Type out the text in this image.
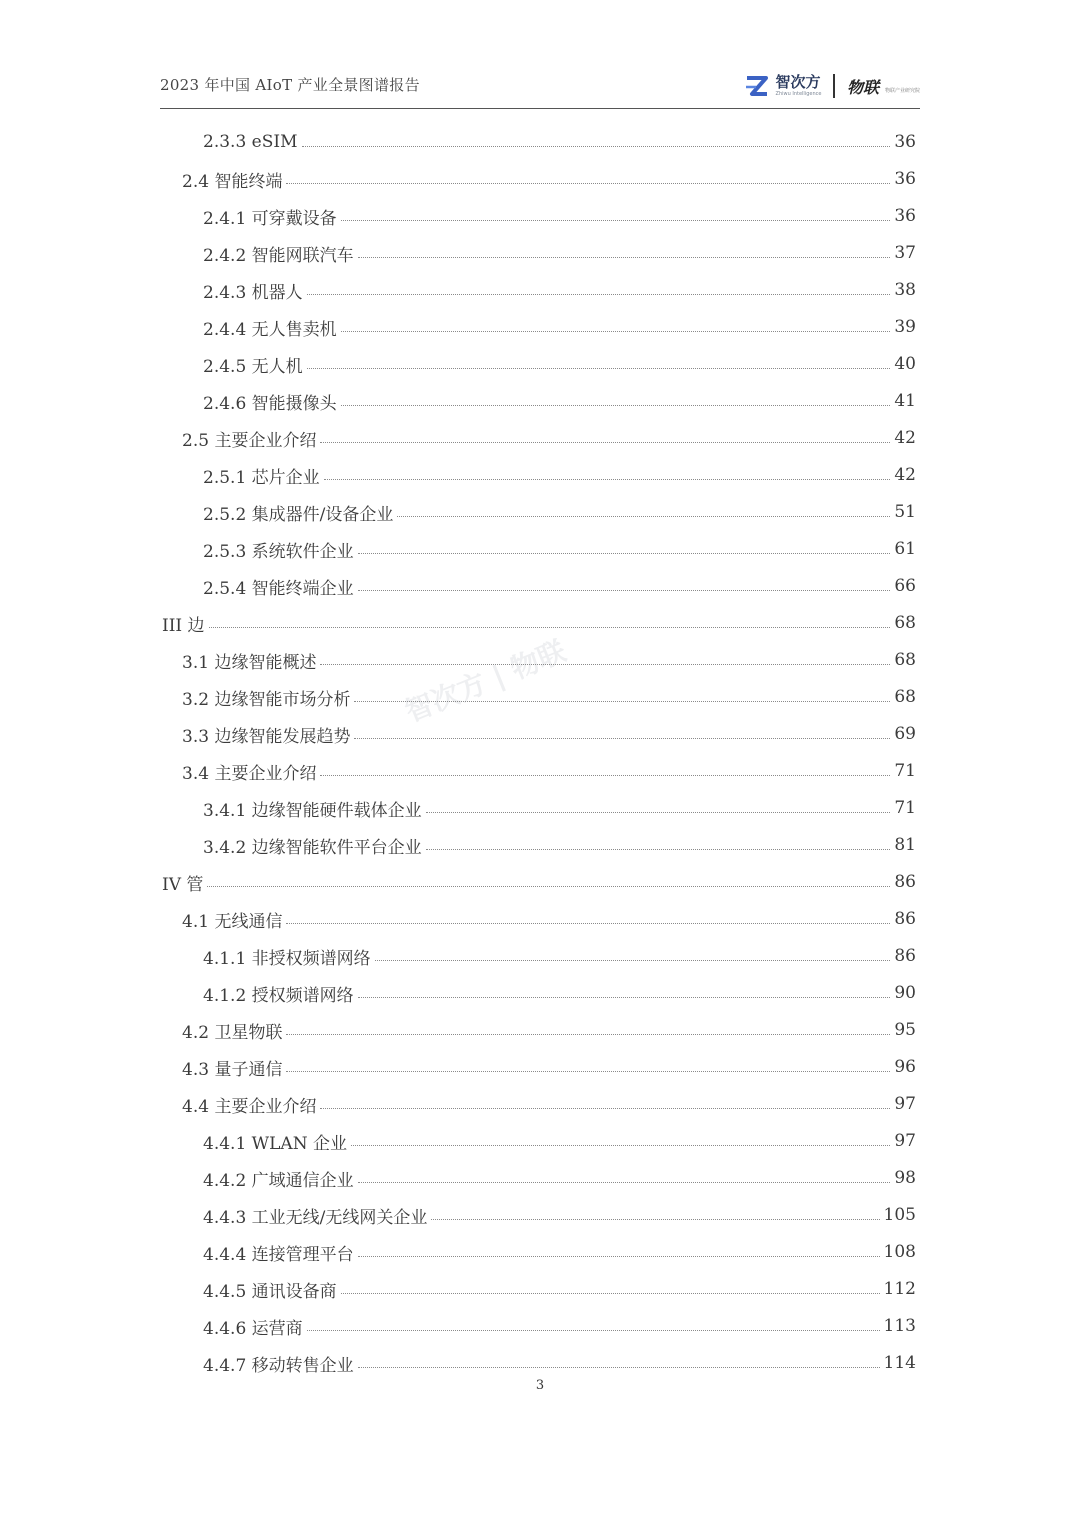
2023 年中国 AIoT 产业全景图谱报告	智次方
Zhiwu Intelligence 物联 物联产业研究院
智次方 | 物联
2.3.3 eSIM	36
2.4 智能终端	36
2.4.1 可穿戴设备	36
2.4.2 智能网联汽车	37
2.4.3 机器人	38
2.4.4 无人售卖机	39
2.4.5 无人机	40
2.4.6 智能摄像头	41
2.5 主要企业介绍	42
2.5.1 芯片企业	42
2.5.2 集成器件/设备企业	51
2.5.3 系统软件企业	61
2.5.4 智能终端企业	66
III 边	68
3.1 边缘智能概述	68
3.2 边缘智能市场分析	68
3.3 边缘智能发展趋势	69
3.4 主要企业介绍	71
3.4.1 边缘智能硬件载体企业	71
3.4.2 边缘智能软件平台企业	81
IV 管	86
4.1 无线通信	86
4.1.1 非授权频谱网络	86
4.1.2 授权频谱网络	90
4.2 卫星物联	95
4.3 量子通信	96
4.4 主要企业介绍	97
4.4.1 WLAN 企业	97
4.4.2 广域通信企业	98
4.4.3 工业无线/无线网关企业	105
4.4.4 连接管理平台	108
4.4.5 通讯设备商	112
4.4.6 运营商	113
4.4.7 移动转售企业	114
3
